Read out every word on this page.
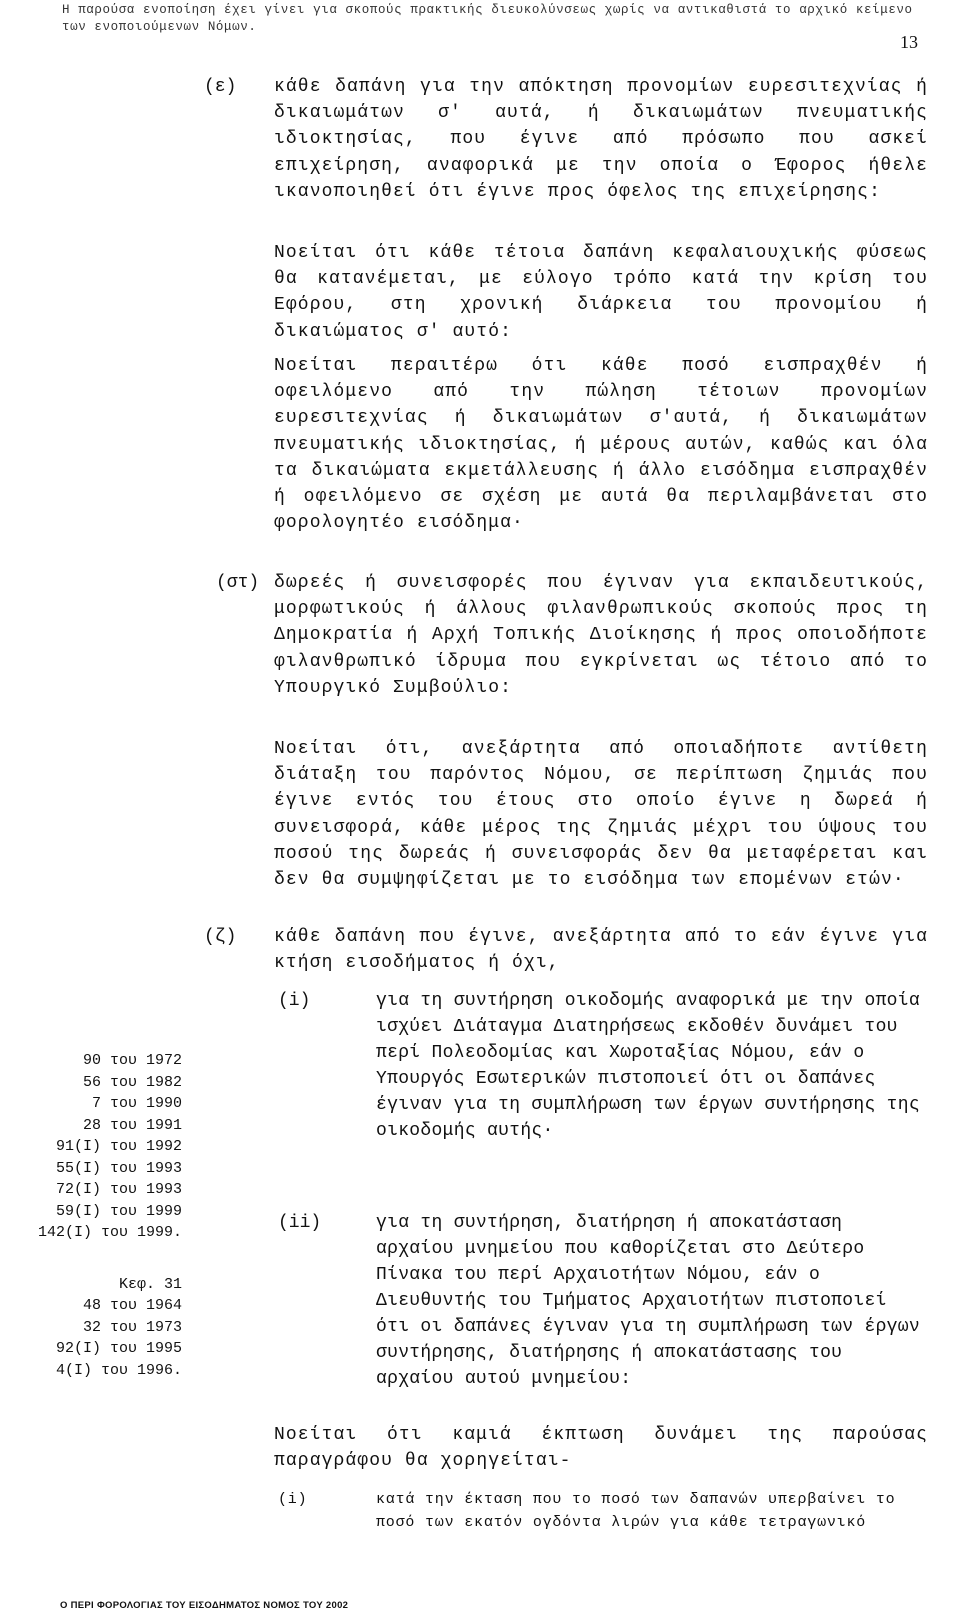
Η παρούσα ενοποίηση έχει γίνει για σκοπούς πρακτικής διευκολύνσεως χωρίς να αντικαθιστά το αρχικό κείμενο των ενοποιούμενων Νόμων.
13
(ε) κάθε δαπάνη για την απόκτηση προνομίων ευρεσιτεχνίας ή δικαιωμάτων σ' αυτά, ή δικαιωμάτων πνευματικής ιδιοκτησίας, που έγινε από πρόσωπο που ασκεί επιχείρηση, αναφορικά με την οποία ο Έφορος ήθελε ικανοποιηθεί ότι έγινε προς όφελος της επιχείρησης:
Νοείται ότι κάθε τέτοια δαπάνη κεφαλαιουχικής φύσεως θα κατανέμεται, με εύλογο τρόπο κατά την κρίση του Εφόρου, στη χρονική διάρκεια του προνομίου ή δικαιώματος σ' αυτό:
Νοείται περαιτέρω ότι κάθε ποσό εισπραχθέν ή οφειλόμενο από την πώληση τέτοιων προνομίων ευρεσιτεχνίας ή δικαιωμάτων σ'αυτά, ή δικαιωμάτων πνευματικής ιδιοκτησίας, ή μέρους αυτών, καθώς και όλα τα δικαιώματα εκμετάλλευσης ή άλλο εισόδημα εισπραχθέν ή οφειλόμενο σε σχέση με αυτά θα περιλαμβάνεται στο φορολογητέο εισόδημα·
(στ) δωρεές ή συνεισφορές που έγιναν για εκπαιδευτικούς, μορφωτικούς ή άλλους φιλανθρωπικούς σκοπούς προς τη Δημοκρατία ή Αρχή Τοπικής Διοίκησης ή προς οποιοδήποτε φιλανθρωπικό ίδρυμα που εγκρίνεται ως τέτοιο από το Υπουργικό Συμβούλιο:
Νοείται ότι, ανεξάρτητα από οποιαδήποτε αντίθετη διάταξη του παρόντος Νόμου, σε περίπτωση ζημιάς που έγινε εντός του έτους στο οποίο έγινε η δωρεά ή συνεισφορά, κάθε μέρος της ζημιάς μέχρι του ύψους του ποσού της δωρεάς ή συνεισφοράς δεν θα μεταφέρεται και δεν θα συμψηφίζεται με το εισόδημα των επομένων ετών·
(ζ) κάθε δαπάνη που έγινε, ανεξάρτητα από το εάν έγινε για κτήση εισοδήματος ή όχι,
(i)	για τη συντήρηση οικοδομής αναφορικά με την οποία ισχύει Διάταγμα Διατηρήσεως εκδοθέν δυνάμει του περί Πολεοδομίας και Χωροταξίας Νόμου, εάν ο Υπουργός Εσωτερικών πιστοποιεί ότι οι δαπάνες έγιναν για τη συμπλήρωση των έργων συντήρησης της οικοδομής αυτής·
(ii)	για τη συντήρηση, διατήρηση ή αποκατάσταση αρχαίου μνημείου που καθορίζεται στο Δεύτερο Πίνακα του περί Αρχαιοτήτων Νόμου, εάν ο Διευθυντής του Τμήματος Αρχαιοτήτων πιστοποιεί ότι οι δαπάνες έγιναν για τη συμπλήρωση των έργων συντήρησης, διατήρησης ή αποκατάστασης του αρχαίου αυτού μνημείου:
Νοείται ότι καμιά έκπτωση δυνάμει της παρούσας παραγράφου θα χορηγείται-
(i)	κατά την έκταση που το ποσό των δαπανών υπερβαίνει το ποσό των εκατόν ογδόντα λιρών για κάθε τετραγωνικό
90 του 1972
56 του 1982
7 του 1990
28 του 1991
91(I) του 1992
55(I) του 1993
72(I) του 1993
59(I) του 1999
142(I) του 1999.
Κεφ. 31
48 του 1964
32 του 1973
92(I) του 1995
4(I) του 1996.
Ο ΠΕΡΙ ΦΟΡΟΛΟΓΙΑΣ ΤΟΥ ΕΙΣΟΔΗΜΑΤΟΣ ΝΟΜΟΣ ΤΟΥ 2002
